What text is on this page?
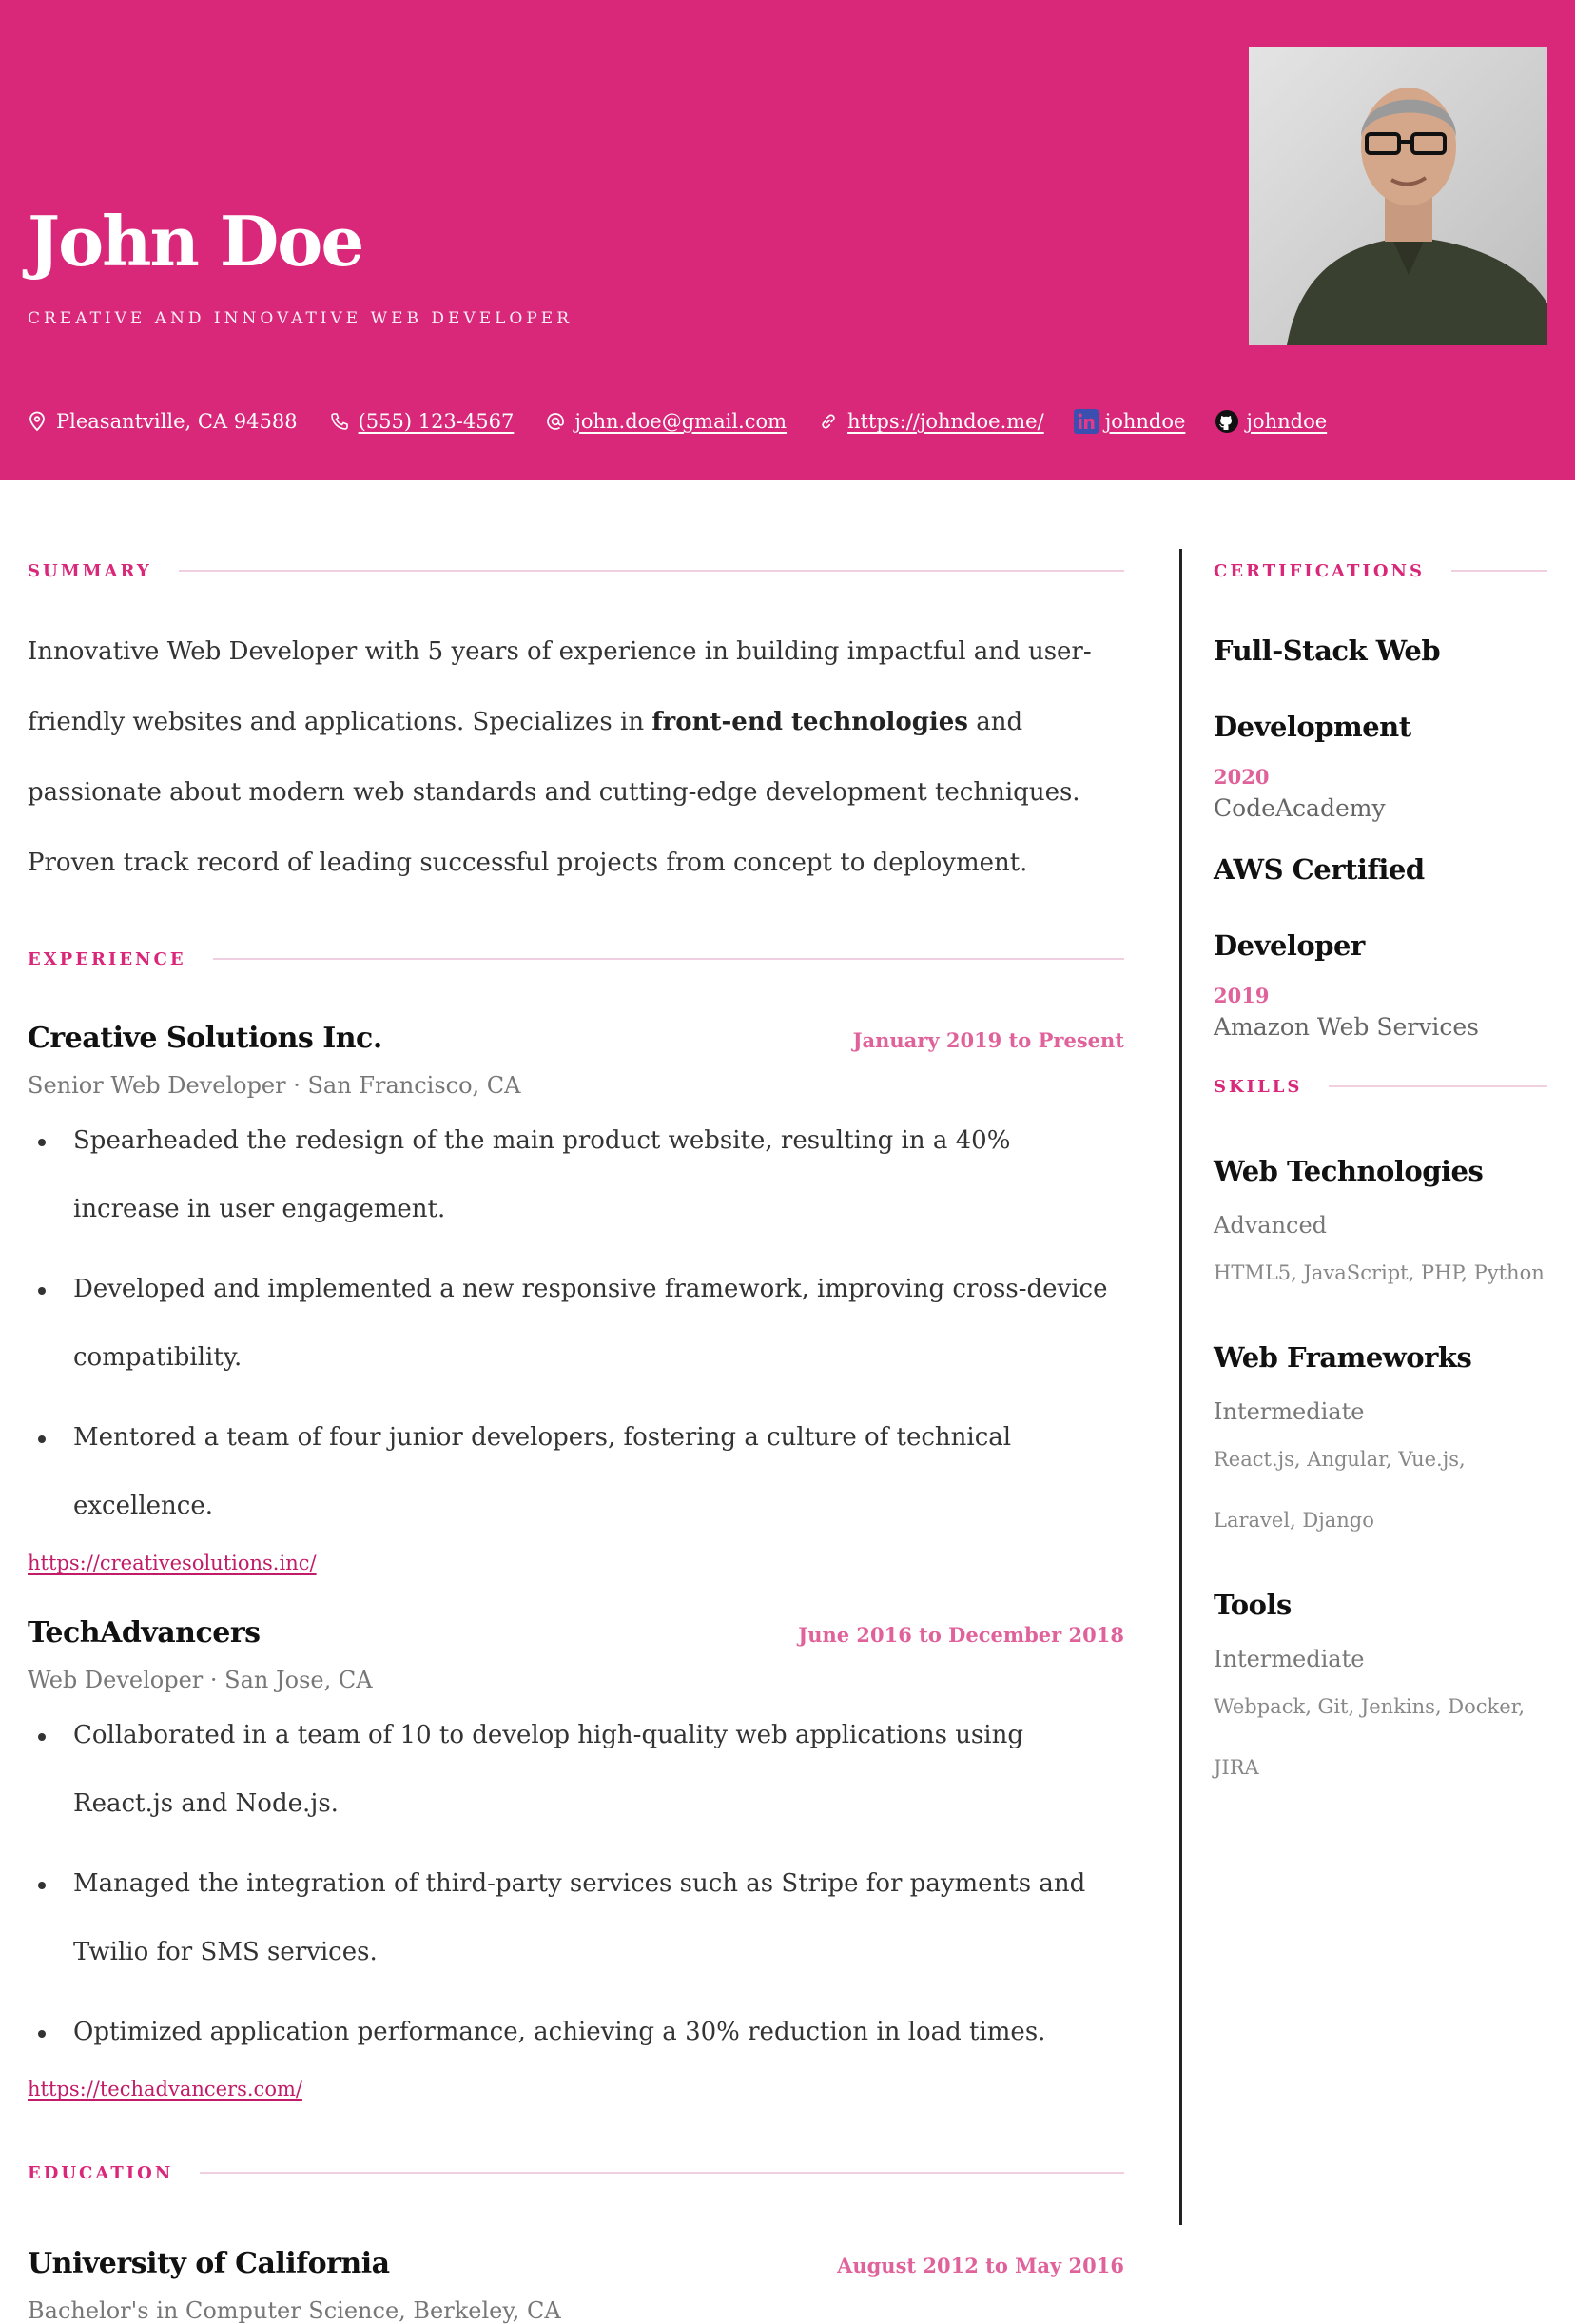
John Doe
CREATIVE AND INNOVATIVE WEB DEVELOPER
Pleasantville, CA 94588	(555) 123-4567	john.doe@gmail.com	https://johndoe.me/	johndoe	johndoe
SUMMARY

Innovative Web Developer with 5 years of experience in building impactful and user-friendly websites and applications. Specializes in front-end technologies and passionate about modern web standards and cutting-edge development techniques. Proven track record of leading successful projects from concept to deployment.

EXPERIENCE
Creative Solutions Inc.	January 2019 to Present
Senior Web Developer · San Francisco, CA
Spearheaded the redesign of the main product website, resulting in a 40% increase in user engagement.
Developed and implemented a new responsive framework, improving cross-device compatibility.
Mentored a team of four junior developers, fostering a culture of technical excellence.
https://creativesolutions.inc/
TechAdvancers	June 2016 to December 2018
Web Developer · San Jose, CA
Collaborated in a team of 10 to develop high-quality web applications using React.js and Node.js.
Managed the integration of third-party services such as Stripe for payments and Twilio for SMS services.
Optimized application performance, achieving a 30% reduction in load times.
https://techadvancers.com/
EDUCATION
University of California	August 2012 to May 2016
Bachelor's in Computer Science, Berkeley, CA
CERTIFICATIONS
Full-Stack Web Development
2020
CodeAcademy
AWS Certified Developer
2019
Amazon Web Services
SKILLS
Web Technologies
Advanced
HTML5, JavaScript, PHP, Python
Web Frameworks
Intermediate
React.js, Angular, Vue.js, Laravel, Django
Tools
Intermediate
Webpack, Git, Jenkins, Docker, JIRA
